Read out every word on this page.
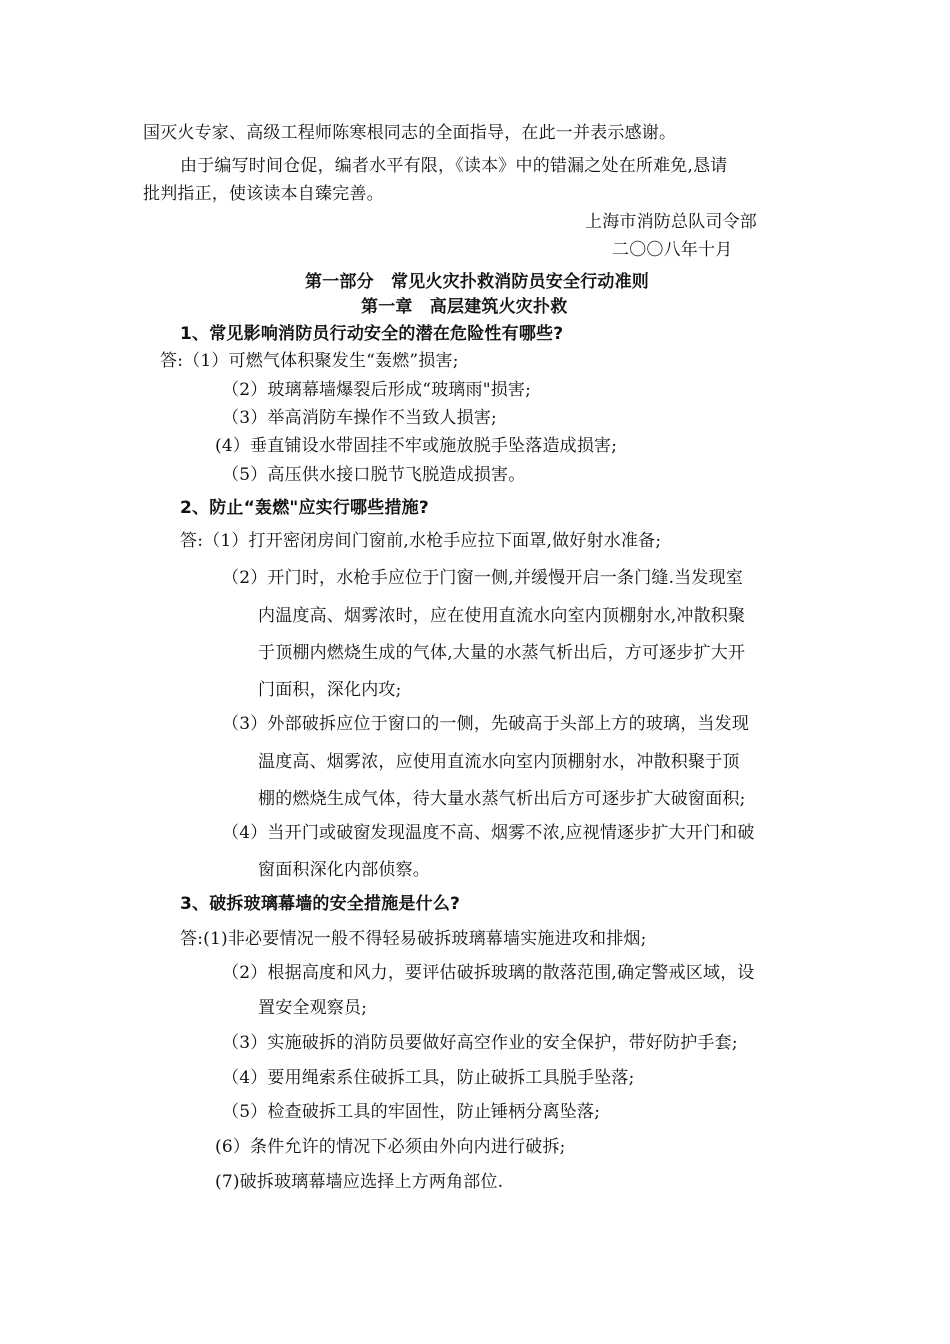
国灭火专家、高级工程师陈寒根同志的全面指导，在此一并表示感谢。
由于编写时间仓促，编者水平有限，《读本》中的错漏之处在所难免,恳请
批判指正，使该读本自臻完善。
上海市消防总队司令部
二〇〇八年十月
第一部分　常见火灾扑救消防员安全行动准则
第一章　高层建筑火灾扑救
1、常见影响消防员行动安全的潜在危险性有哪些?
答:（1）可燃气体积聚发生“轰燃”损害;
（2）玻璃幕墙爆裂后形成“玻璃雨"损害;
（3）举高消防车操作不当致人损害;
(4）垂直铺设水带固挂不牢或施放脱手坠落造成损害;
（5）高压供水接口脱节飞脱造成损害。
2、防止“轰燃"应实行哪些措施?
答:（1）打开密闭房间门窗前,水枪手应拉下面罩,做好射水准备;
（2）开门时，水枪手应位于门窗一侧,并缓慢开启一条门缝.当发现室
内温度高、烟雾浓时，应在使用直流水向室内顶棚射水,冲散积聚
于顶棚内燃烧生成的气体,大量的水蒸气析出后，方可逐步扩大开
门面积，深化内攻;
（3）外部破拆应位于窗口的一侧，先破高于头部上方的玻璃，当发现
温度高、烟雾浓，应使用直流水向室内顶棚射水，冲散积聚于顶
棚的燃烧生成气体，待大量水蒸气析出后方可逐步扩大破窗面积;
（4）当开门或破窗发现温度不高、烟雾不浓,应视情逐步扩大开门和破
窗面积深化内部侦察。
3、破拆玻璃幕墙的安全措施是什么?
答:(1)非必要情况一般不得轻易破拆玻璃幕墙实施进攻和排烟;
（2）根据高度和风力，要评估破拆玻璃的散落范围,确定警戒区域，设
置安全观察员;
（3）实施破拆的消防员要做好高空作业的安全保护，带好防护手套;
（4）要用绳索系住破拆工具，防止破拆工具脱手坠落;
（5）检查破拆工具的牢固性，防止锤柄分离坠落;
(6）条件允许的情况下必须由外向内进行破拆;
(7)破拆玻璃幕墙应选择上方两角部位.
